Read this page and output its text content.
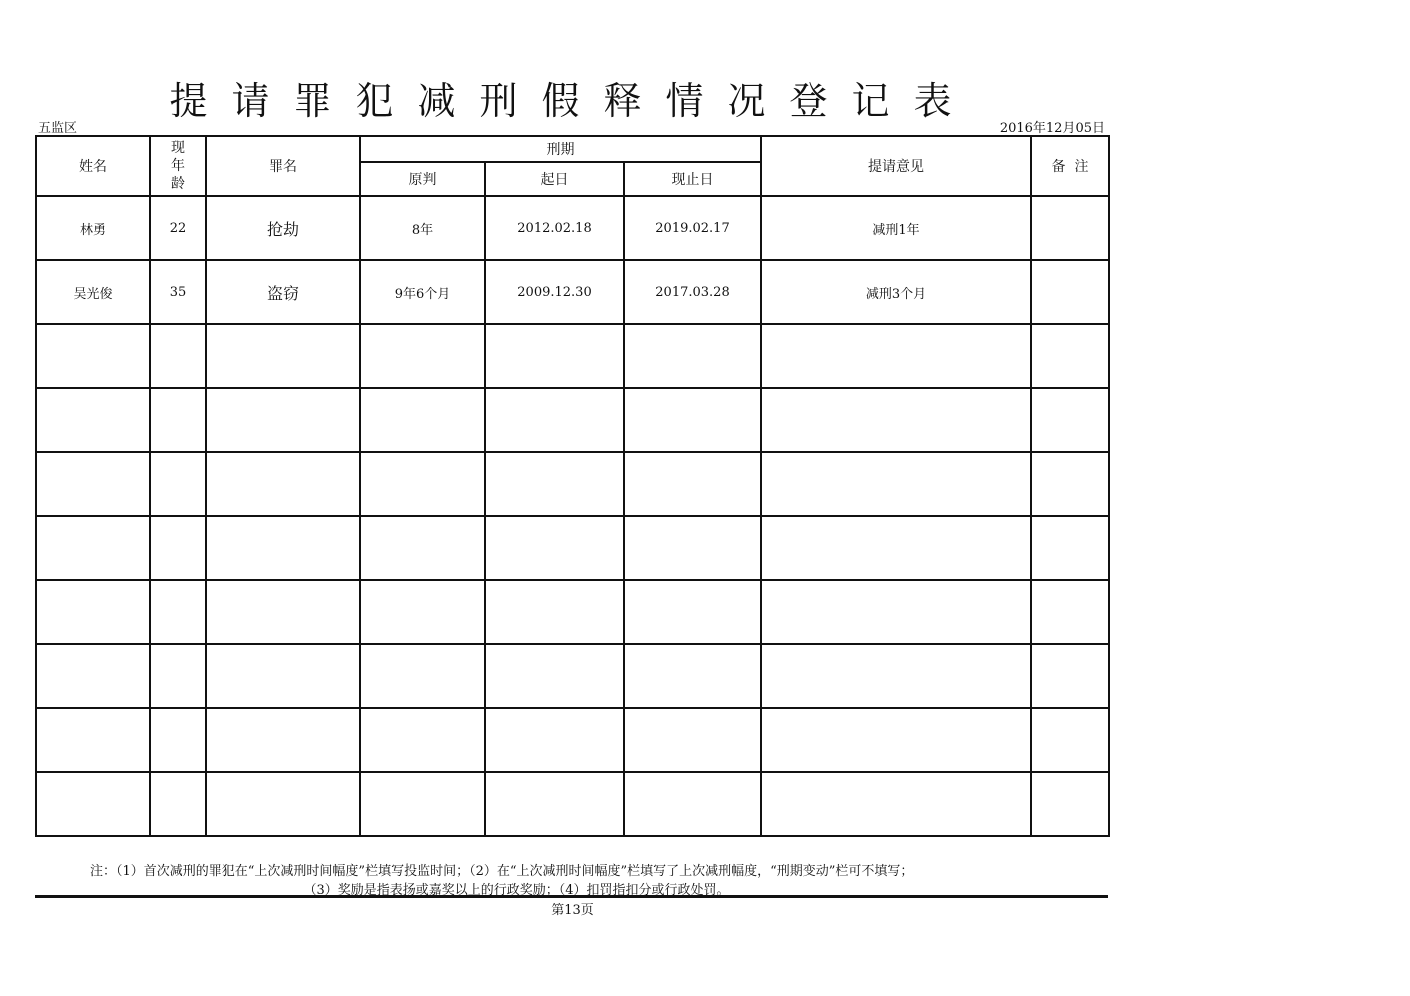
提请罪犯减刑假释情况登记表
五监区	2016年12月05日
姓名	现
年
龄	罪名	刑期			提请意见	备  注
			原判	起日	现止日		
林勇	22	抢劫	8年	2012.02.18	2019.02.17	减刑1年	
吴光俊	35	盗窃	9年6个月	2009.12.30	2017.03.28	减刑3个月	

注：（1）首次减刑的罪犯在“上次减刑时间幅度”栏填写投监时间；（2）在“上次减刑时间幅度”栏填写了上次减刑幅度，“刑期变动”栏可不填写；
（3）奖励是指表扬或嘉奖以上的行政奖励；（4）扣罚指扣分或行政处罚。
第13页
